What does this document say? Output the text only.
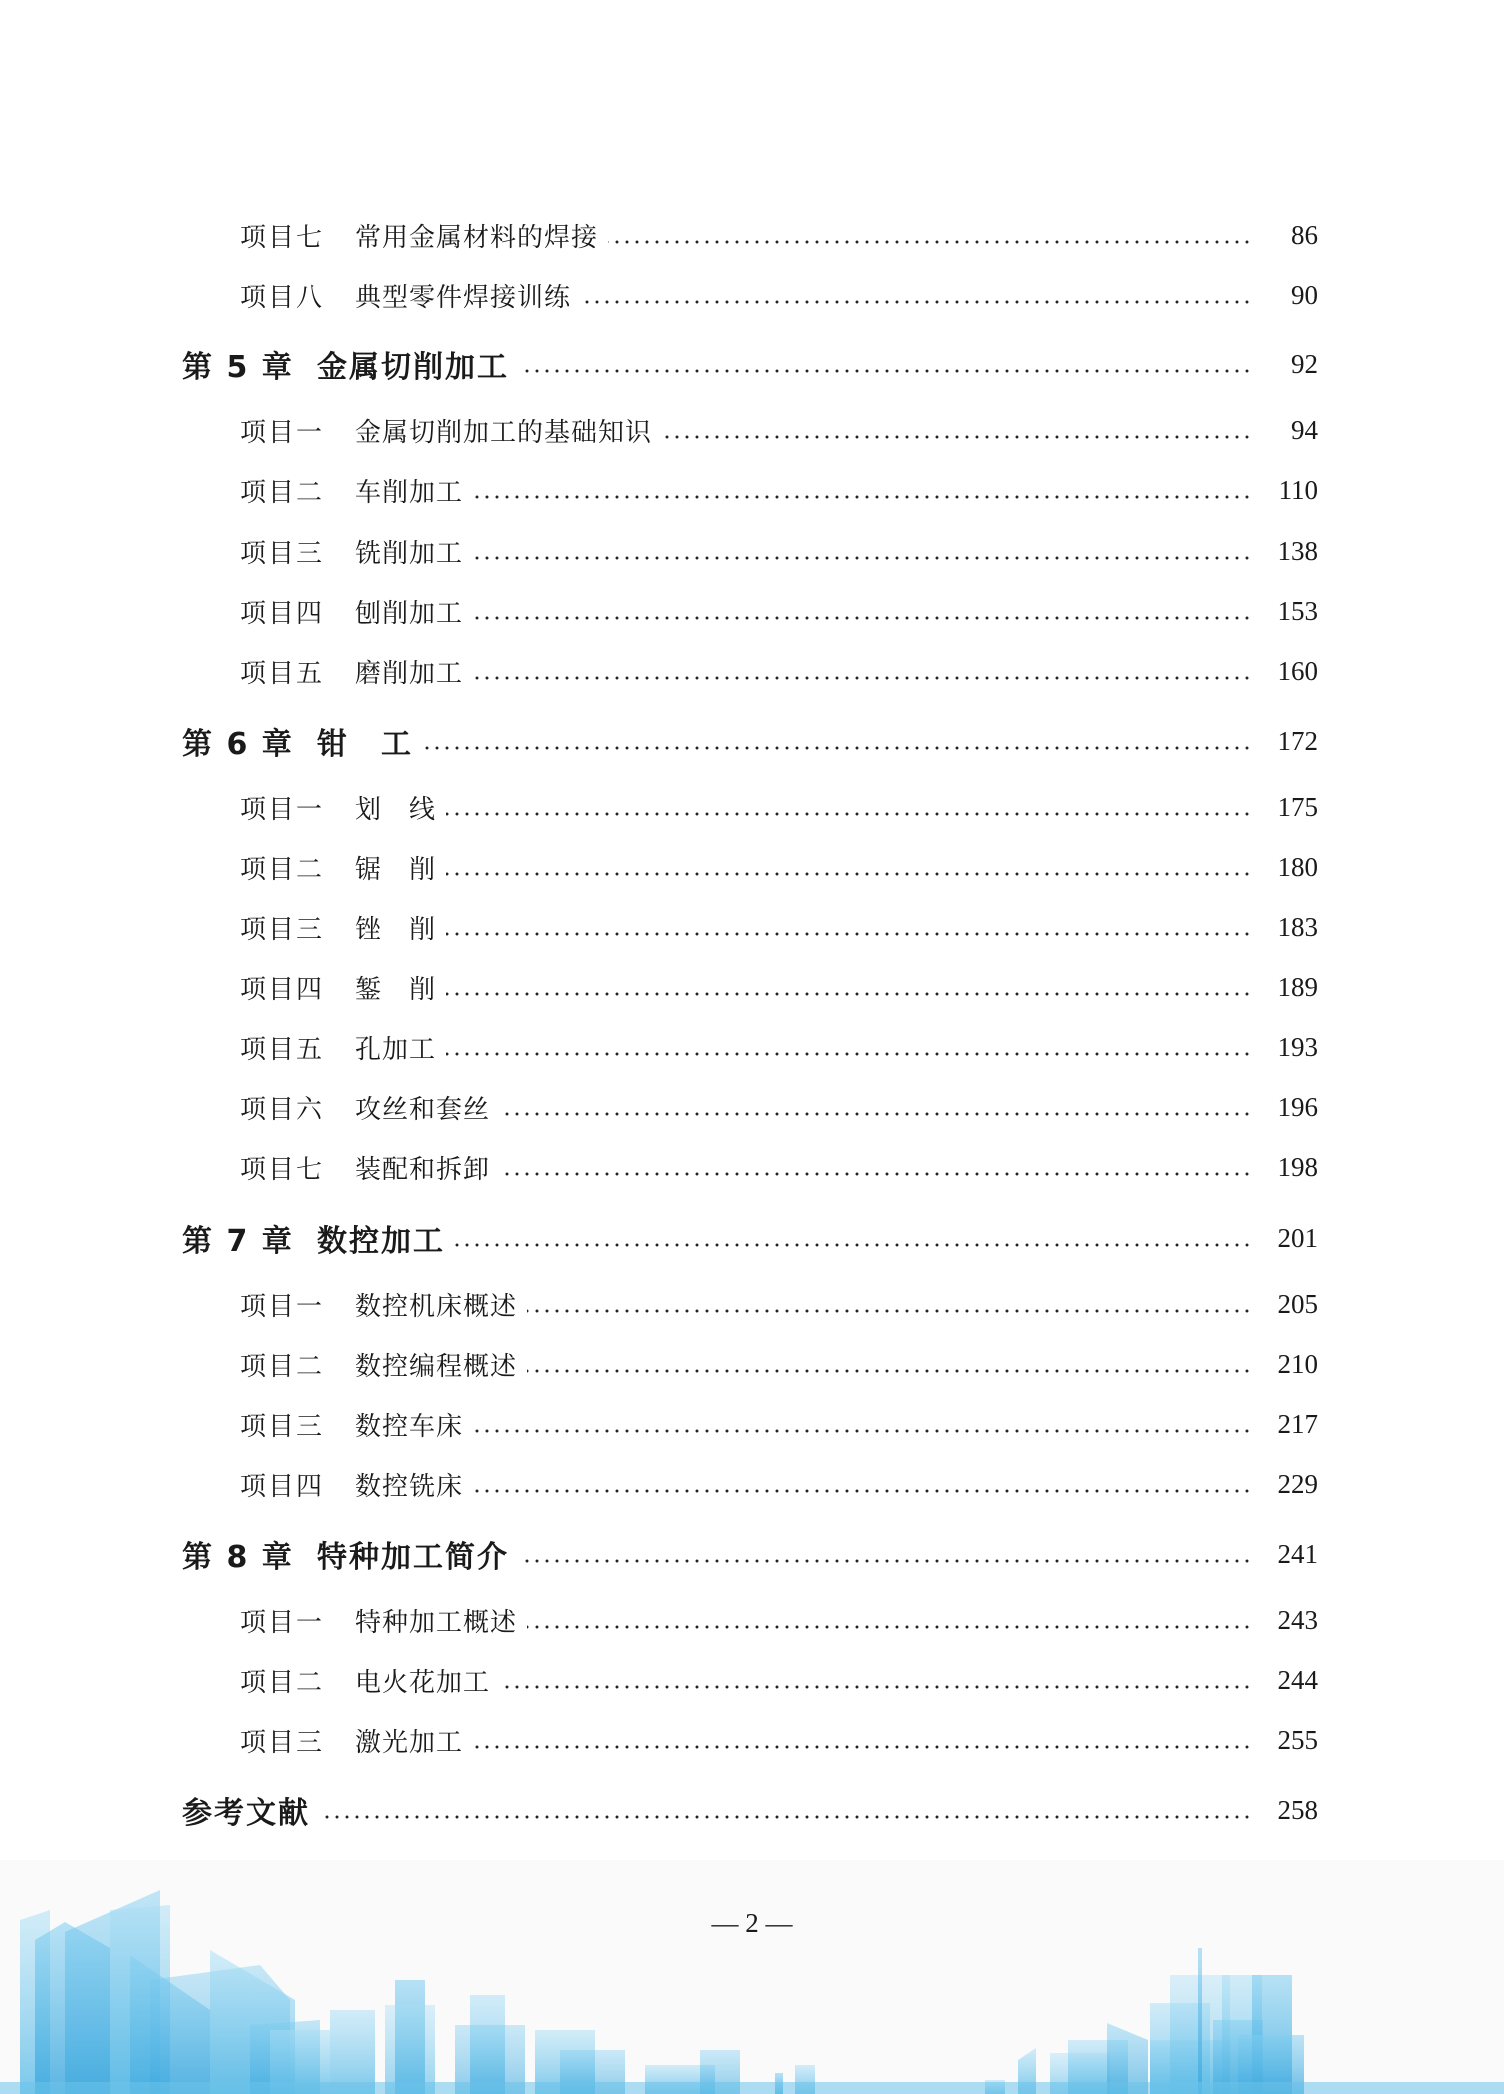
项目七	常用金属材料的焊接	86
项目八	典型零件焊接训练	90
第 5 章 金属切削加工	92
项目一	金属切削加工的基础知识	94
项目二	车削加工	110
项目三	铣削加工	138
项目四	刨削加工	153
项目五	磨削加工	160
第 6 章 钳　工	172
项目一	划　线	175
项目二	锯　削	180
项目三	锉　削	183
项目四	錾　削	189
项目五	孔加工	193
项目六	攻丝和套丝	196
项目七	装配和拆卸	198
第 7 章 数控加工	201
项目一	数控机床概述	205
项目二	数控编程概述	210
项目三	数控车床	217
项目四	数控铣床	229
第 8 章 特种加工简介	241
项目一	特种加工概述	243
项目二	电火花加工	244
项目三	激光加工	255
参考文献	258
— 2 —
